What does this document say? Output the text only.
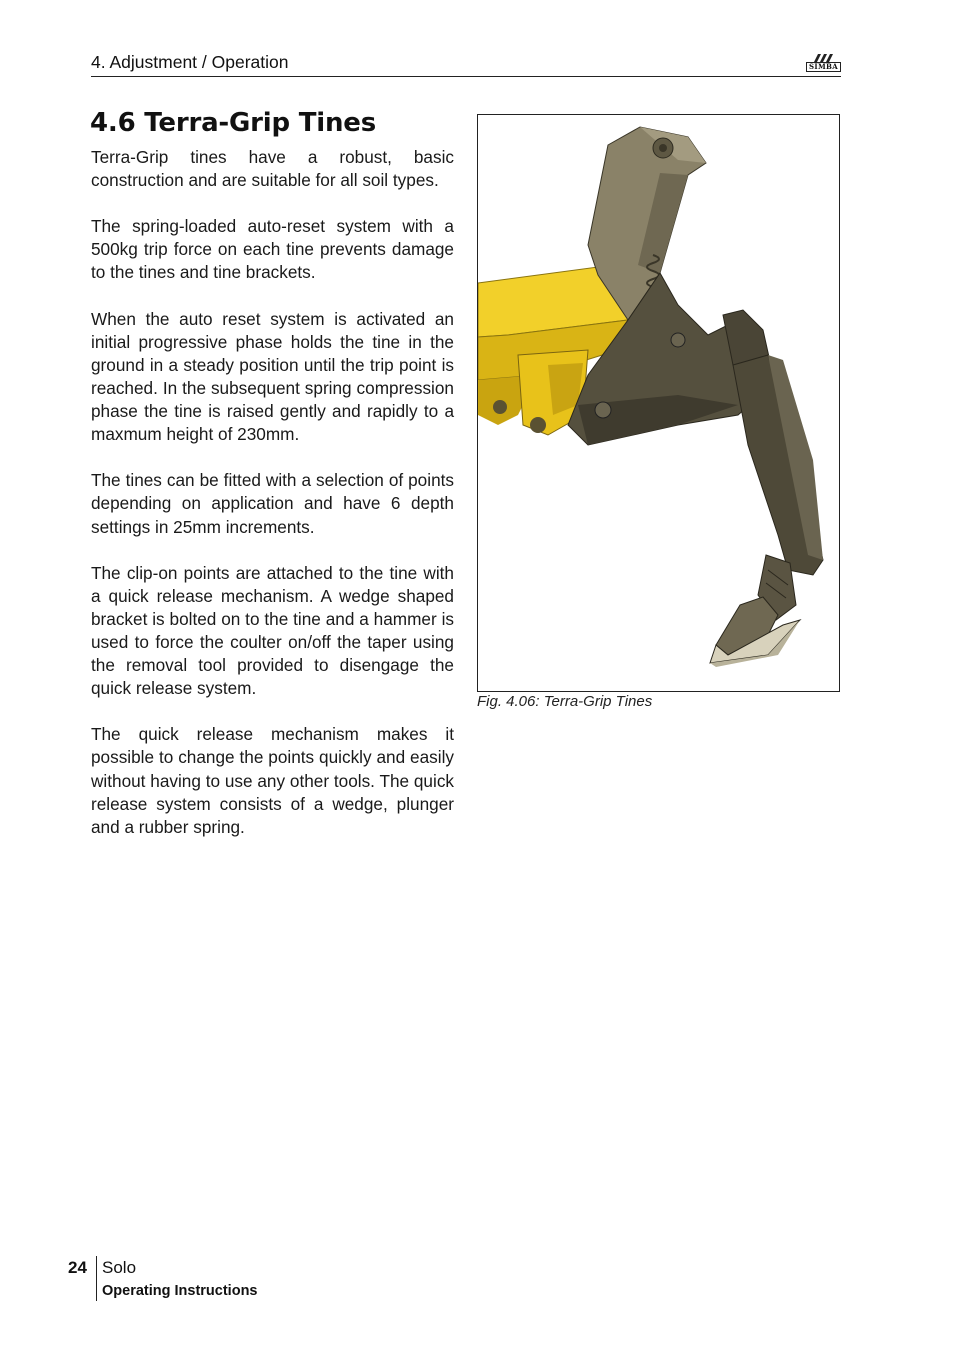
4. Adjustment / Operation	SIMBA
4.6 Terra-Grip Tines

Terra-Grip tines have a robust, basic construction and are suitable for all soil types.

The spring-loaded auto-reset system with a 500kg trip force on each tine prevents damage to the tines and tine brackets.

When the auto reset system is activated an initial progressive phase holds the tine in the ground in a steady position until the trip point is reached. In the subsequent spring compression phase the tine is raised gently and rapidly to a maxmum height of 230mm.

The tines can be fitted with a selection of points depending on application and have 6 depth settings in 25mm increments.

The clip-on points are attached to the tine with a quick release mechanism. A wedge shaped bracket is bolted on to the tine and a hammer is used to force the coulter on/off the taper using the removal tool provided to disengage the quick release system.

The quick release mechanism makes it possible to change the points quickly and easily without having to use any other tools. The quick release system consists of a wedge, plunger and a rubber spring.

Fig. 4.06: Terra-Grip Tines
24 Solo
Operating Instructions
